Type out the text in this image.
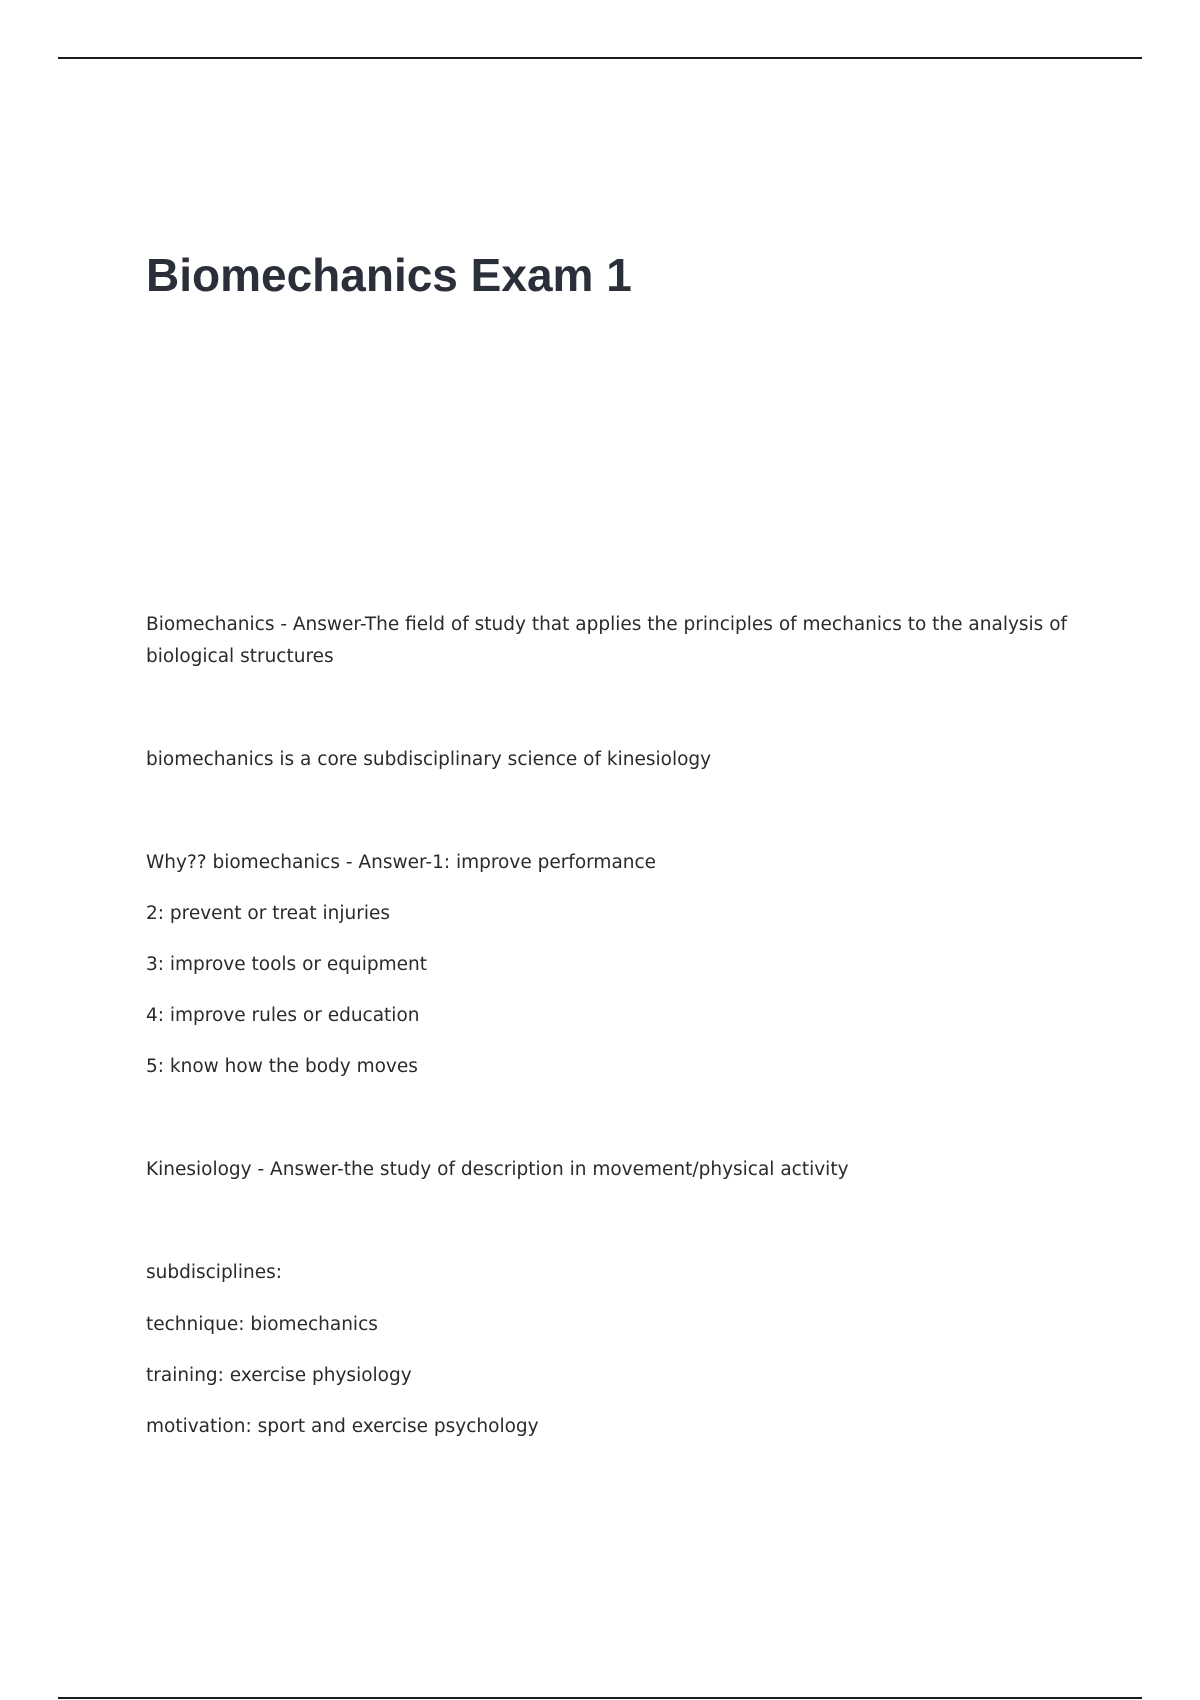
Biomechanics Exam 1

Biomechanics - Answer-The field of study that applies the principles of mechanics to the analysis of

biological structures

biomechanics is a core subdisciplinary science of kinesiology

Why?? biomechanics - Answer-1: improve performance

2: prevent or treat injuries

3: improve tools or equipment

4: improve rules or education

5: know how the body moves

Kinesiology - Answer-the study of description in movement/physical activity

subdisciplines:

technique: biomechanics

training: exercise physiology

motivation: sport and exercise psychology
